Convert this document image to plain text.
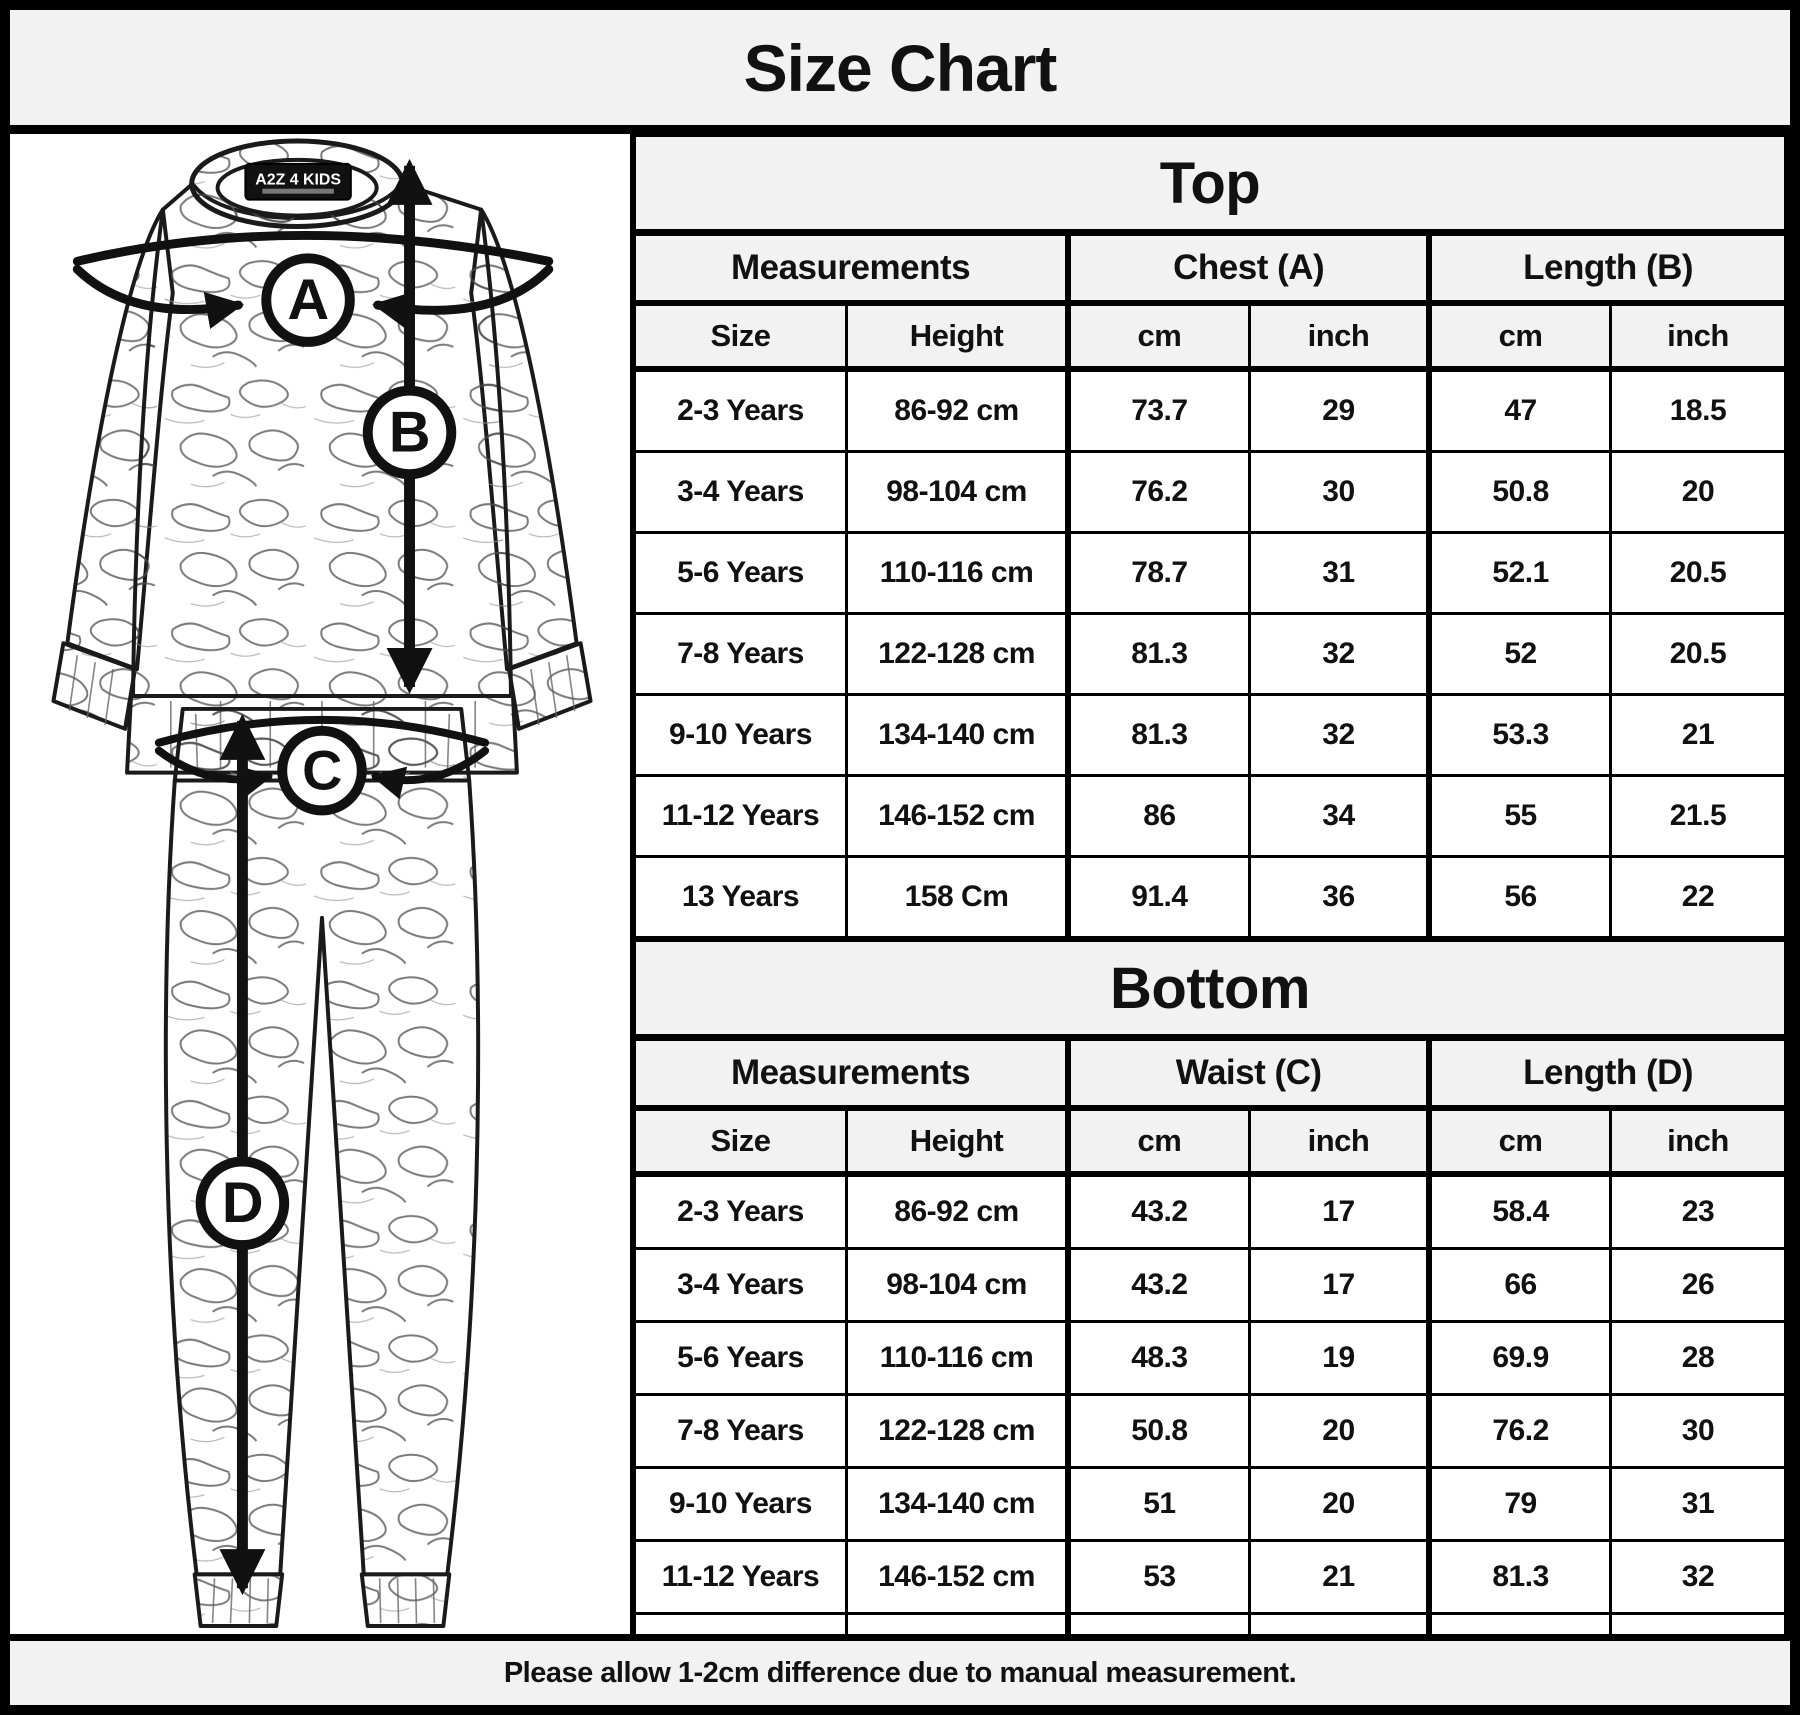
Size Chart
A2Z 4 KIDS
A
B
C
D
Top					
Measurements		Chest (A)		Length (B)	
Size	Height	cm	inch	cm	inch
2-3 Years	86-92 cm	73.7	29	47	18.5
3-4 Years	98-104 cm	76.2	30	50.8	20
5-6 Years	110-116 cm	78.7	31	52.1	20.5
7-8 Years	122-128 cm	81.3	32	52	20.5
9-10 Years	134-140 cm	81.3	32	53.3	21
11-12 Years	146-152 cm	86	34	55	21.5
13 Years	158 Cm	91.4	36	56	22
Bottom					
Measurements		Waist (C)		Length (D)	
Size	Height	cm	inch	cm	inch
2-3 Years	86-92 cm	43.2	17	58.4	23
3-4 Years	98-104 cm	43.2	17	66	26
5-6 Years	110-116 cm	48.3	19	69.9	28
7-8 Years	122-128 cm	50.8	20	76.2	30
9-10 Years	134-140 cm	51	20	79	31
11-12 Years	146-152 cm	53	21	81.3	32

Please allow 1-2cm difference due to manual measurement.
